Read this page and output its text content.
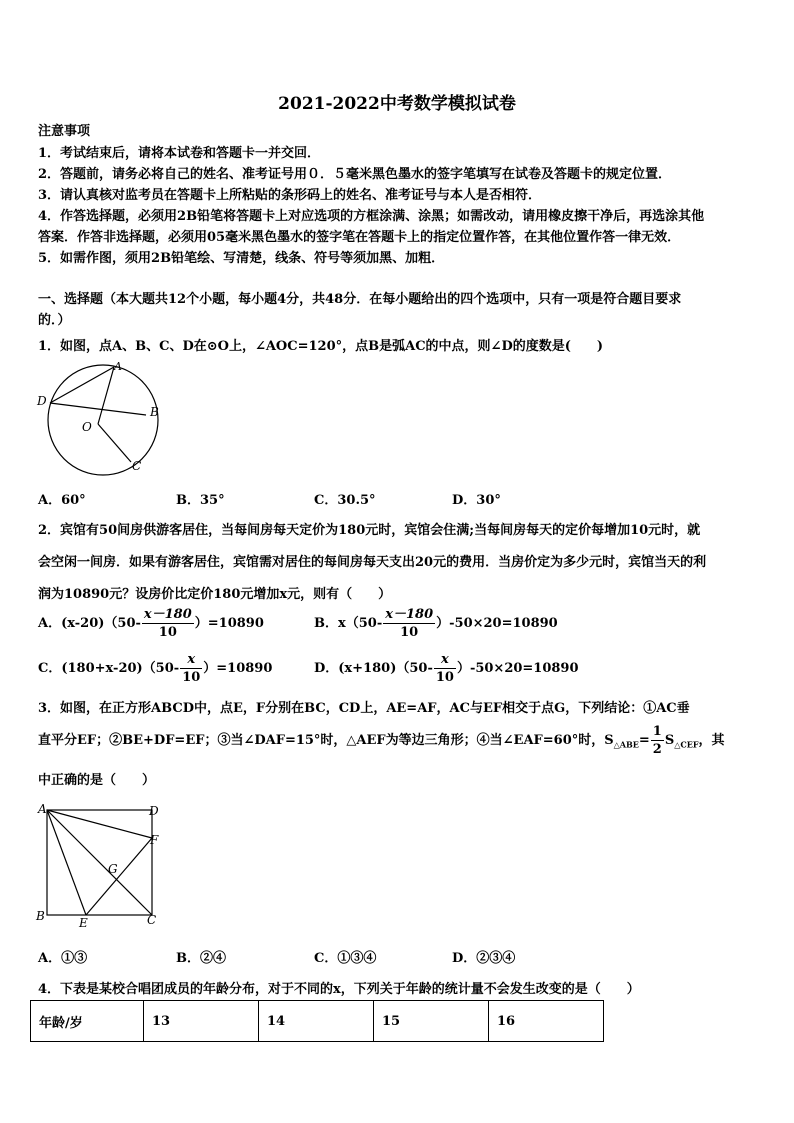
2021-2022中考数学模拟试卷
注意事项
1．考试结束后，请将本试卷和答题卡一并交回．
2．答题前，请务必将自己的姓名、准考证号用０．５毫米黑色墨水的签字笔填写在试卷及答题卡的规定位置．
3．请认真核对监考员在答题卡上所粘贴的条形码上的姓名、准考证号与本人是否相符．
4．作答选择题，必须用2B铅笔将答题卡上对应选项的方框涂满、涂黑；如需改动，请用橡皮擦干净后，再选涂其他
答案．作答非选择题，必须用05毫米黑色墨水的签字笔在答题卡上的指定位置作答，在其他位置作答一律无效．
5．如需作图，须用2B铅笔绘、写清楚，线条、符号等须加黑、加粗．
一、选择题（本大题共12个小题，每小题4分，共48分．在每小题给出的四个选项中，只有一项是符合题目要求
的．）
1．如图，点A、B、C、D在⊙O上，∠AOC=120°，点B是弧AC的中点，则∠D的度数是(　　)
A
B
C
D
O
A．60°	B．35°	C．30.5°	D．30°
2．宾馆有50间房供游客居住，当每间房每天定价为180元时，宾馆会住满;当每间房每天的定价每增加10元时，就
会空闲一间房．如果有游客居住，宾馆需对居住的每间房每天支出20元的费用．当房价定为多少元时，宾馆当天的利
润为10890元？设房价比定价180元增加x元，则有（　　）
A．$(x-20)(50- \frac{x-180}{10} )=10890$	B．$x(50- \frac{x-180}{10} )-50\times 20=10890$
C．$(180+x-20)(50- \frac{x}{10} )=10890$	D．$(x+180)(50- \frac{x}{10} )-50\times 20=10890$
3．如图，在正方形ABCD中，点E，F分别在BC，CD上，AE=AF，AC与EF相交于点G，下列结论：①AC垂
直平分EF；②BE+DF=EF；③当∠DAF=15°时，△AEF为等边三角形；④当∠EAF=60°时，$S_{\triangle ABE}= \frac{1}{2} S_{\triangle CEF}$，其
中正确的是（　　）
A
B	C
D
E
F
G
A．①③	B．②④	C．①③④	D．②③④
4．下表是某校合唱团成员的年龄分布，对于不同的x，下列关于年龄的统计量不会发生改变的是（　　）
年龄/岁	13	14	15	16
